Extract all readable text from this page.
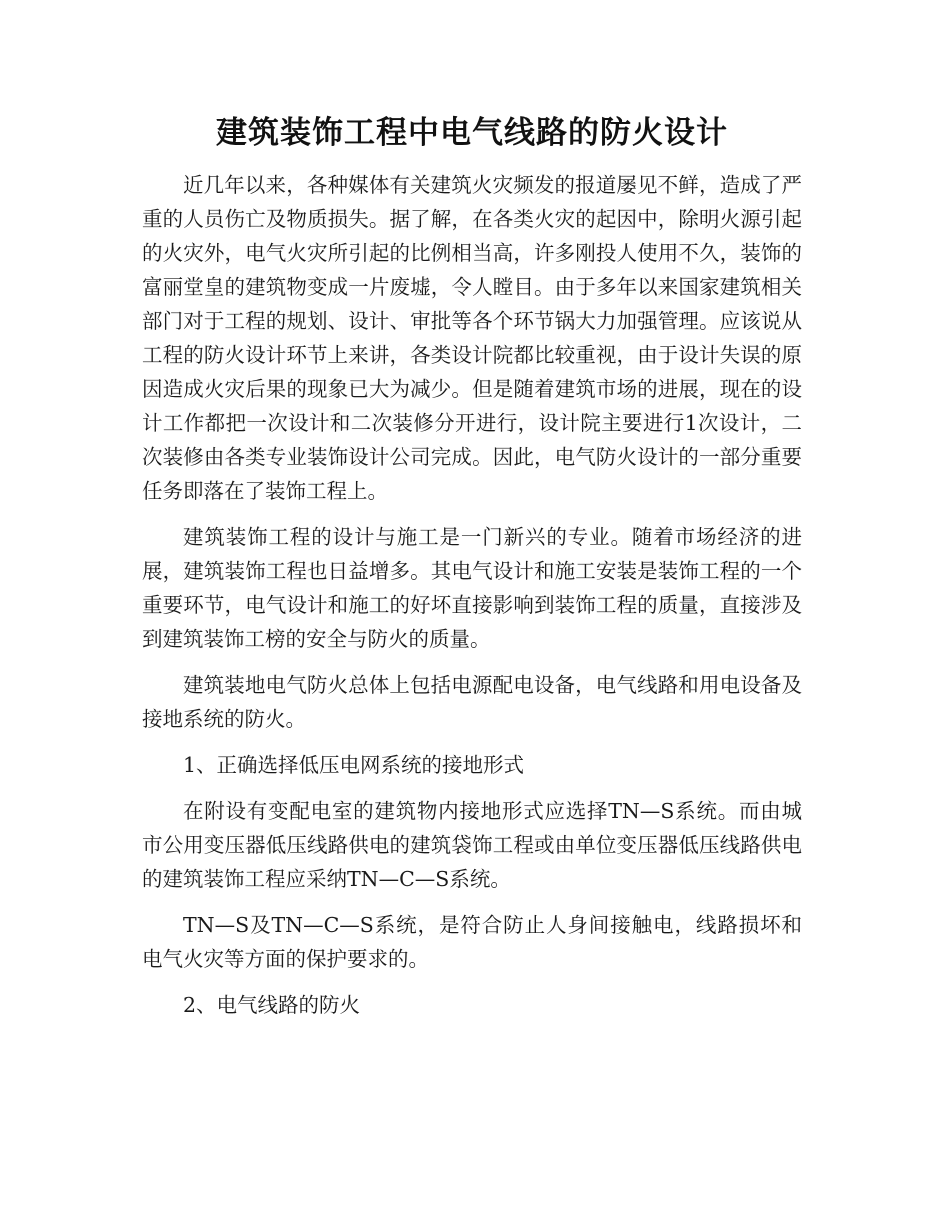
建筑装饰工程中电气线路的防火设计

近几年以来，各种媒体有关建筑火灾频发的报道屡见不鲜，造成了严重的人员伤亡及物质损失。据了解，在各类火灾的起因中，除明火源引起的火灾外，电气火灾所引起的比例相当高，许多刚投人使用不久，装饰的富丽堂皇的建筑物变成一片废墟，令人瞠目。由于多年以来国家建筑相关部门对于工程的规划、设计、审批等各个环节锅大力加强管理。应该说从工程的防火设计环节上来讲，各类设计院都比较重视，由于设计失误的原因造成火灾后果的现象已大为减少。但是随着建筑市场的进展，现在的设计工作都把一次设计和二次装修分开进行，设计院主要进行1次设计，二次装修由各类专业装饰设计公司完成。因此，电气防火设计的一部分重要任务即落在了装饰工程上。

建筑装饰工程的设计与施工是一门新兴的专业。随着市场经济的进展，建筑装饰工程也日益增多。其电气设计和施工安装是装饰工程的一个重要环节，电气设计和施工的好坏直接影响到装饰工程的质量，直接涉及到建筑装饰工榜的安全与防火的质量。

建筑装地电气防火总体上包括电源配电设备，电气线路和用电设备及接地系统的防火。

1、正确选择低压电网系统的接地形式

在附设有变配电室的建筑物内接地形式应选择TN—S系统。而由城市公用变压器低压线路供电的建筑袋饰工程或由单位变压器低压线路供电的建筑装饰工程应采纳TN—C—S系统。

TN—S及TN—C—S系统，是符合防止人身间接触电，线路损坏和电气火灾等方面的保护要求的。

2、电气线路的防火
